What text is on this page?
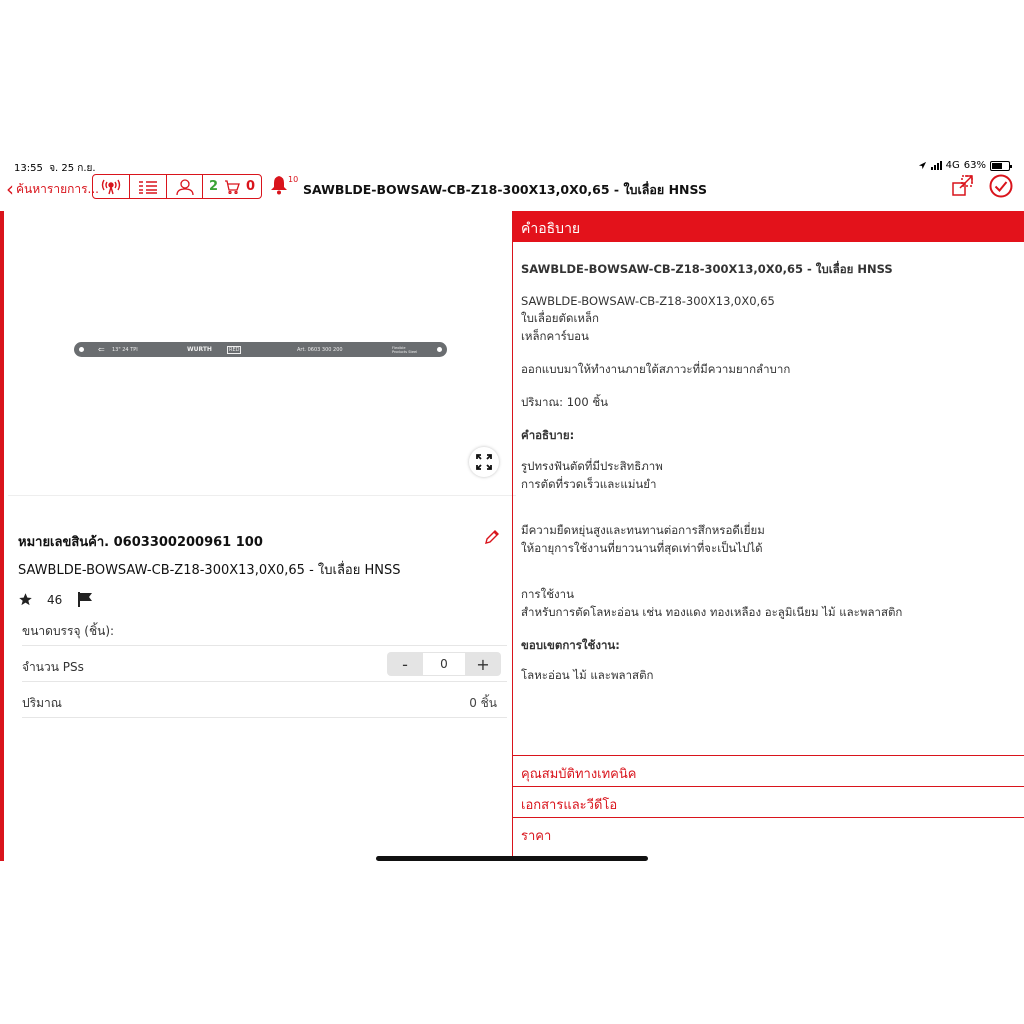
13:55 จ. 25 ก.ย.	4G 63%
‹ ค้นหารายการ...	2 0	10
SAWBLDE-BOWSAW-CB-Z18-300X13,0X0,65 - ใบเลื่อย HNSS
⇐ 13" 24 TPI	WURTH	RED	Art. 0603 300 200	Flexible Products Steel
หมายเลขสินค้า. 0603300200961 100
SAWBLDE-BOWSAW-CB-Z18-300X13,0X0,65 - ใบเลื่อย HNSS
46
ขนาดบรรจุ (ชิ้น):
จำนวน PSs	-	0	+
ปริมาณ	0 ชิ้น
คำอธิบาย
SAWBLDE-BOWSAW-CB-Z18-300X13,0X0,65 - ใบเลื่อย HNSS
SAWBLDE-BOWSAW-CB-Z18-300X13,0X0,65
ใบเลื่อยตัดเหล็ก
เหล็กคาร์บอน
ออกแบบมาให้ทำงานภายใต้สภาวะที่มีความยากลำบาก
ปริมาณ: 100 ชิ้น
คำอธิบาย:
รูปทรงฟันตัดที่มีประสิทธิภาพ
การตัดที่รวดเร็วและแม่นยำ
มีความยืดหยุ่นสูงและทนทานต่อการสึกหรอดีเยี่ยม
ให้อายุการใช้งานที่ยาวนานที่สุดเท่าที่จะเป็นไปได้
การใช้งาน
สำหรับการตัดโลหะอ่อน เช่น ทองแดง ทองเหลือง อะลูมิเนียม ไม้ และพลาสติก
ขอบเขตการใช้งาน:
โลหะอ่อน ไม้ และพลาสติก
คุณสมบัติทางเทคนิค
เอกสารและวีดีโอ
ราคา
